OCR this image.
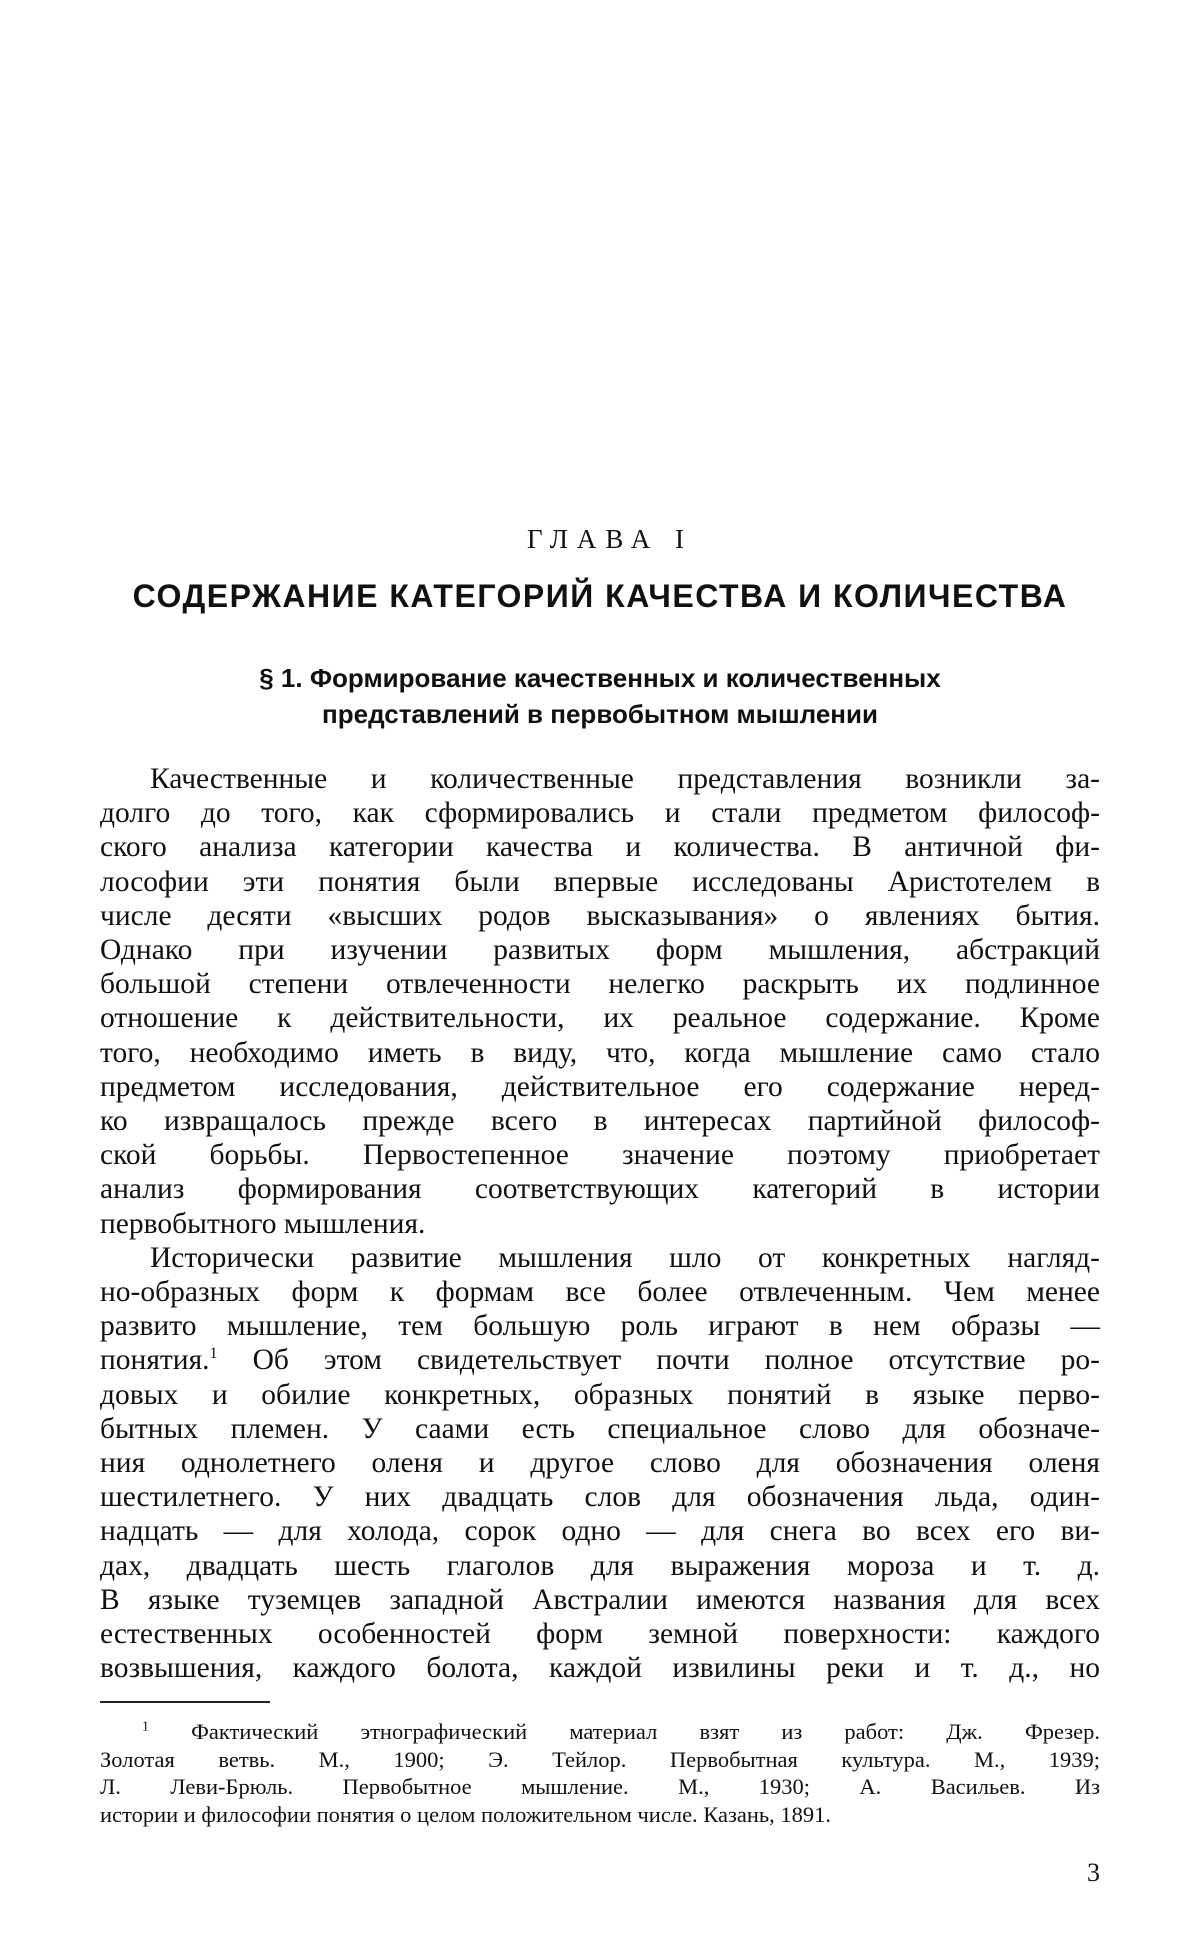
ГЛАВА I
СОДЕРЖАНИЕ КАТЕГОРИЙ КАЧЕСТВА И КОЛИЧЕСТВА
§ 1. Формирование качественных и количественных
представлений в первобытном мышлении

Качественные и количественные представления возникли за-
долго до того, как сформировались и стали предметом философ-
ского анализа категории качества и количества. В античной фи-
лософии эти понятия были впервые исследованы Аристотелем в
числе десяти «высших родов высказывания» о явлениях бытия.
Однако при изучении развитых форм мышления, абстракций
большой степени отвлеченности нелегко раскрыть их подлинное
отношение к действительности, их реальное содержание. Кроме
того, необходимо иметь в виду, что, когда мышление само стало
предметом исследования, действительное его содержание неред-
ко извращалось прежде всего в интересах партийной философ-
ской борьбы. Первостепенное значение поэтому приобретает
анализ формирования соответствующих категорий в истории
первобытного мышления.

Исторически развитие мышления шло от конкретных нагляд-
но-образных форм к формам все более отвлеченным. Чем менее
развито мышление, тем большую роль играют в нем образы —
понятия.$^1$ Об этом свидетельствует почти полное отсутствие ро-
довых и обилие конкретных, образных понятий в языке перво-
бытных племен. У саами есть специальное слово для обозначе-
ния однолетнего оленя и другое слово для обозначения оленя
шестилетнего. У них двадцать слов для обозначения льда, один-
надцать — для холода, сорок одно — для снега во всех его ви-
дах, двадцать шесть глаголов для выражения мороза и т. д.
В языке туземцев западной Австралии имеются названия для всех
естественных особенностей форм земной поверхности: каждого
возвышения, каждого болота, каждой извилины реки и т. д., но

$^1$ Фактический этнографический материал взят из работ: Дж. Фрезер.
Золотая ветвь. М., 1900; Э. Тейлор. Первобытная культура. М., 1939;
Л. Леви-Брюль. Первобытное мышление. М., 1930; А. Васильев. Из
истории и философии понятия о целом положительном числе. Казань, 1891.
3
